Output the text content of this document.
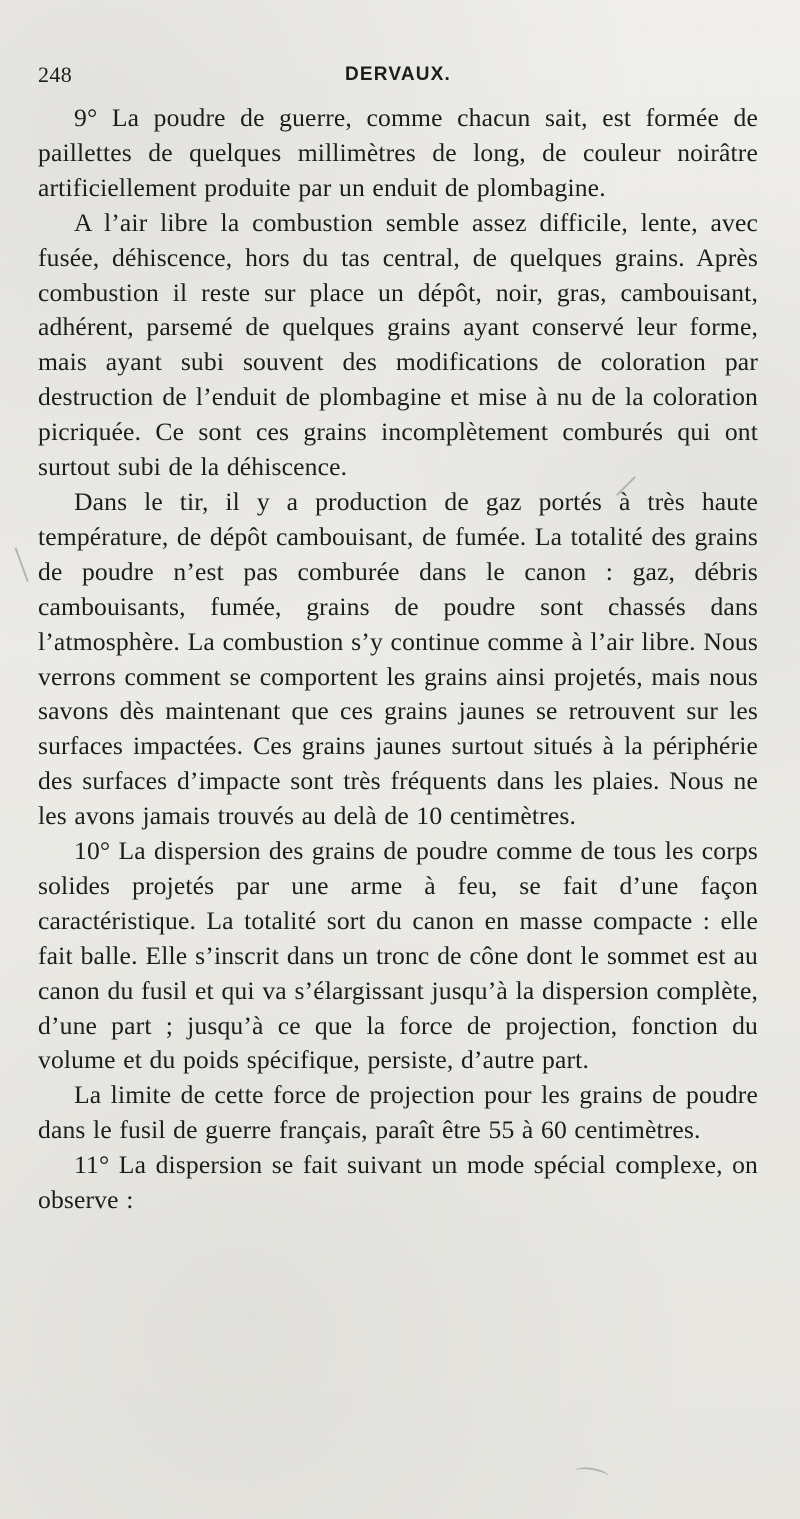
248	DERVAUX.

9° La poudre de guerre, comme chacun sait, est formée de paillettes de quelques millimètres de long, de couleur noirâtre artificiellement produite par un enduit de plombagine.

A l’air libre la combustion semble assez difficile, lente, avec fusée, déhiscence, hors du tas central, de quelques grains. Après combustion il reste sur place un dépôt, noir, gras, cambouisant, adhérent, parsemé de quelques grains ayant conservé leur forme, mais ayant subi souvent des modifications de coloration par destruction de l’enduit de plombagine et mise à nu de la coloration picriquée. Ce sont ces grains incomplètement comburés qui ont surtout subi de la déhiscence.

Dans le tir, il y a production de gaz portés à très haute température, de dépôt cambouisant, de fumée. La totalité des grains de poudre n’est pas comburée dans le canon : gaz, débris cambouisants, fumée, grains de poudre sont chassés dans l’atmosphère. La combustion s’y continue comme à l’air libre. Nous verrons comment se comportent les grains ainsi projetés, mais nous savons dès maintenant que ces grains jaunes se retrouvent sur les surfaces impactées. Ces grains jaunes surtout situés à la périphérie des surfaces d’impacte sont très fréquents dans les plaies. Nous ne les avons jamais trouvés au delà de 10 centimètres.

10° La dispersion des grains de poudre comme de tous les corps solides projetés par une arme à feu, se fait d’une façon caractéristique. La totalité sort du canon en masse compacte : elle fait balle. Elle s’inscrit dans un tronc de cône dont le sommet est au canon du fusil et qui va s’élargissant jusqu’à la dispersion complète, d’une part ; jusqu’à ce que la force de projection, fonction du volume et du poids spécifique, persiste, d’autre part.

La limite de cette force de projection pour les grains de poudre dans le fusil de guerre français, paraît être 55 à 60 centimètres.

11° La dispersion se fait suivant un mode spécial complexe, on observe :
